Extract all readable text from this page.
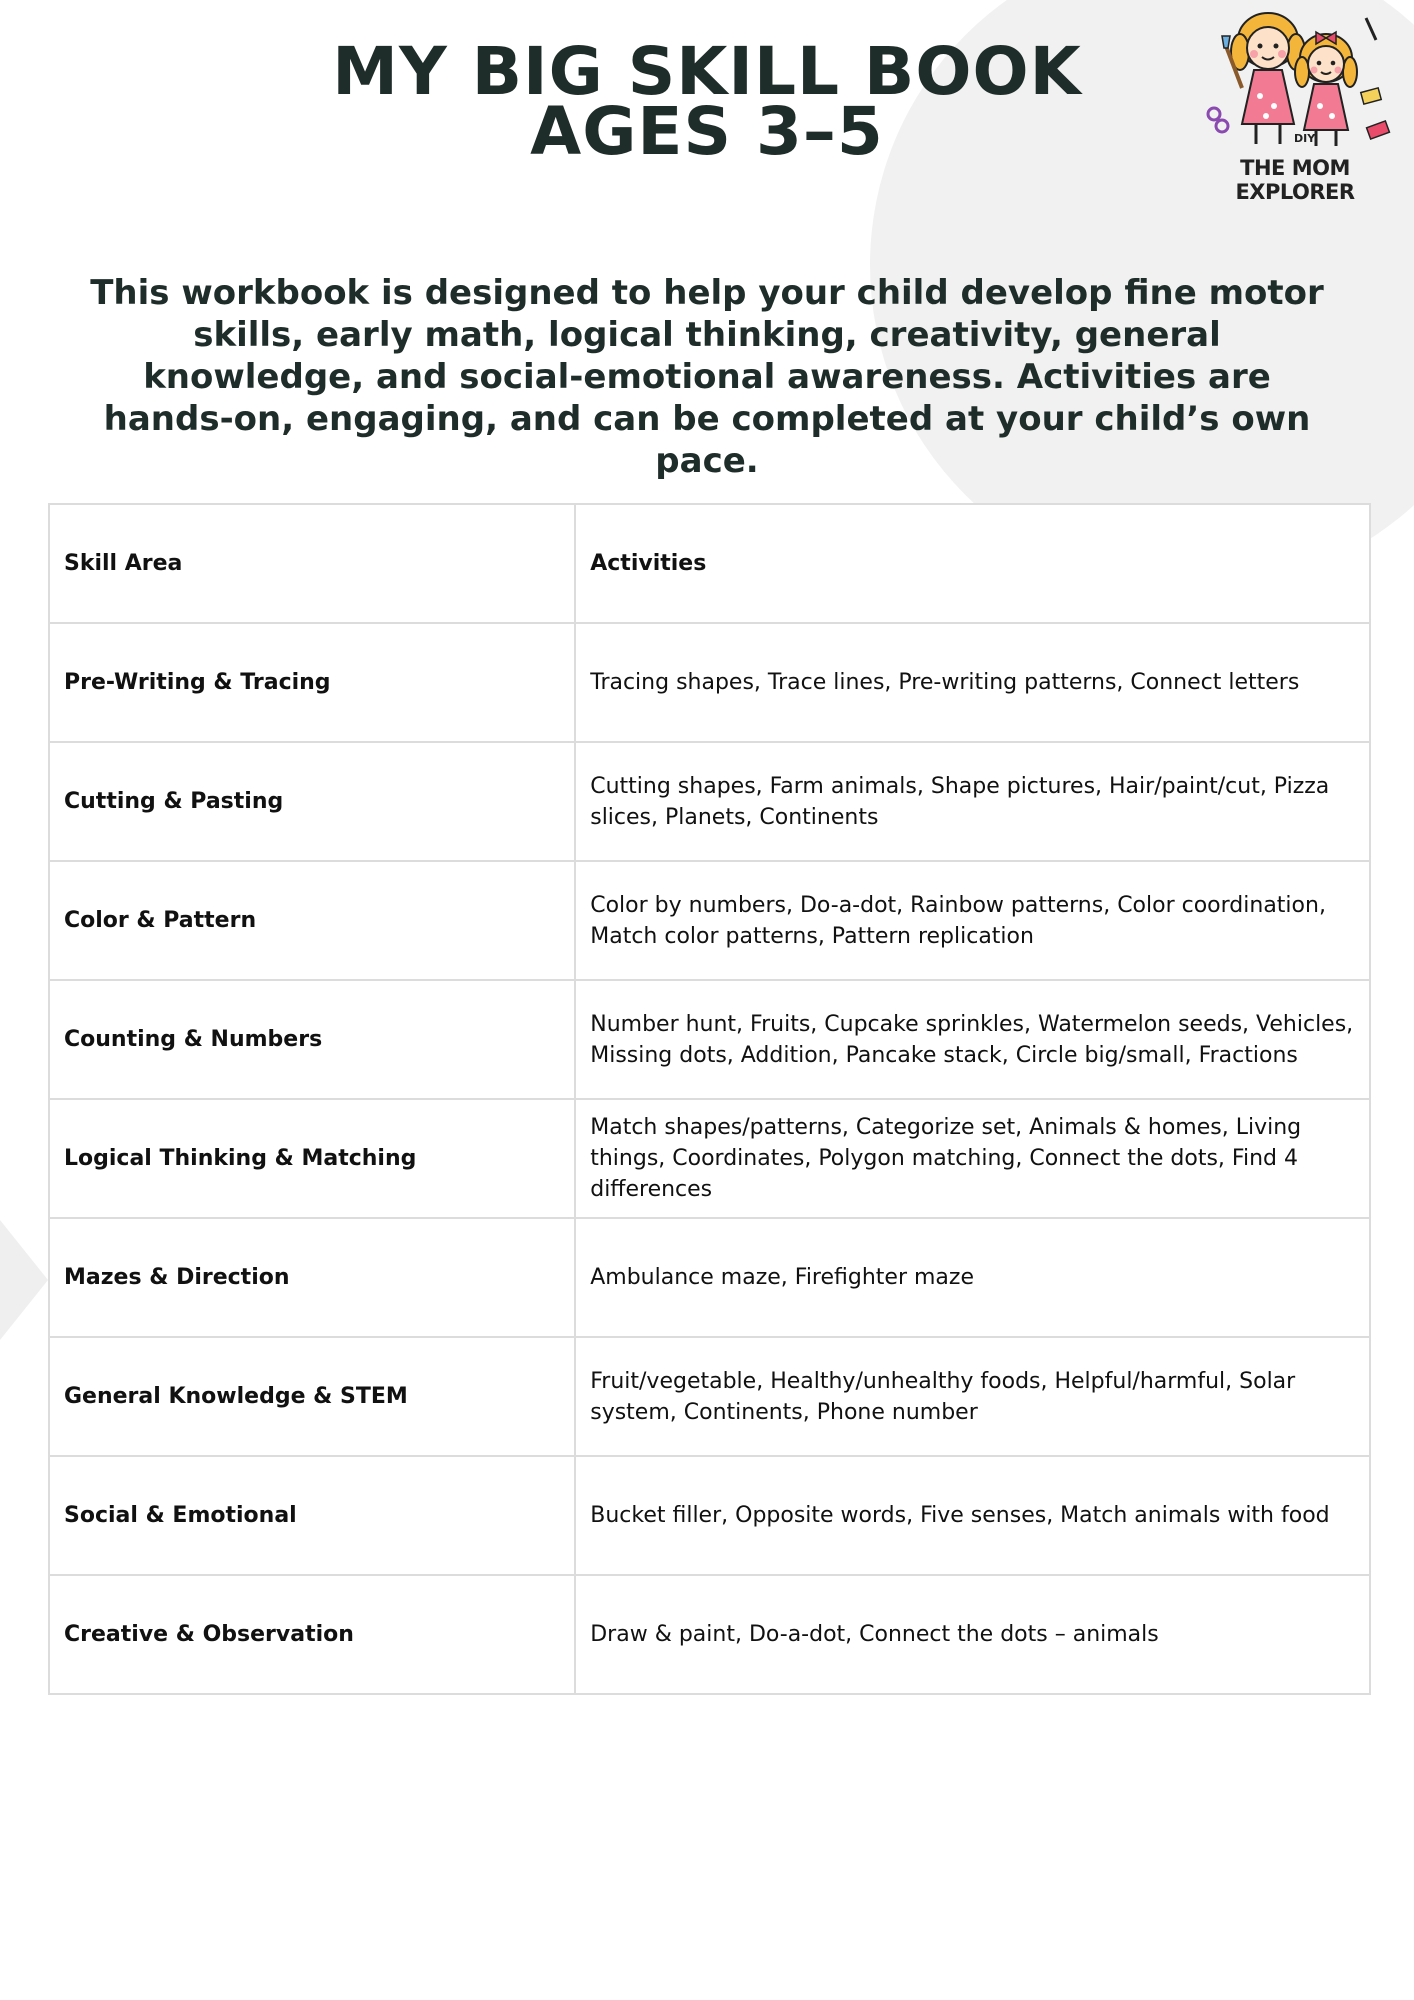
MY BIG SKILL BOOK
AGES 3–5	DIY
THE MOM EXPLORER
This workbook is designed to help your child develop fine motor skills, early math, logical thinking, creativity, general knowledge, and social-emotional awareness. Activities are hands-on, engaging, and can be completed at your child’s own pace.
Skill Area	Activities
Pre-Writing & Tracing	Tracing shapes, Trace lines, Pre-writing patterns, Connect letters
Cutting & Pasting	Cutting shapes, Farm animals, Shape pictures, Hair/paint/cut, Pizza slices, Planets, Continents
Color & Pattern	Color by numbers, Do-a-dot, Rainbow patterns, Color coordination, Match color patterns, Pattern replication
Counting & Numbers	Number hunt, Fruits, Cupcake sprinkles, Watermelon seeds, Vehicles, Missing dots, Addition, Pancake stack, Circle big/small, Fractions
Logical Thinking & Matching	Match shapes/patterns, Categorize set, Animals & homes, Living things, Coordinates, Polygon matching, Connect the dots, Find 4 differences
Mazes & Direction	Ambulance maze, Firefighter maze
General Knowledge & STEM	Fruit/vegetable, Healthy/unhealthy foods, Helpful/harmful, Solar system, Continents, Phone number
Social & Emotional	Bucket filler, Opposite words, Five senses, Match animals with food
Creative & Observation	Draw & paint, Do-a-dot, Connect the dots – animals
